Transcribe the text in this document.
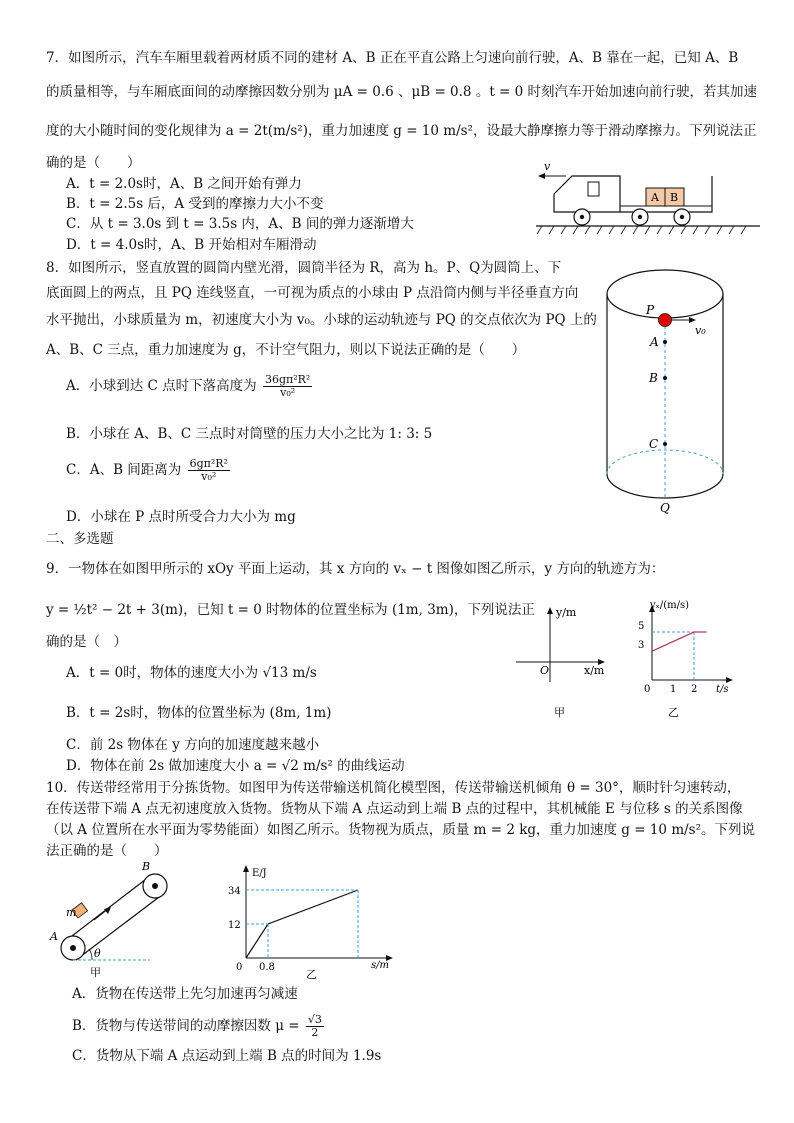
7．如图所示，汽车车厢里载着两材质不同的建材 A、B 正在平直公路上匀速向前行驶，A、B 靠在一起，已知 A、B
的质量相等，与车厢底面间的动摩擦因数分别为 μA = 0.6 、μB = 0.8 。t = 0 时刻汽车开始加速向前行驶，若其加速
度的大小随时间的变化规律为 a = 2t(m/s²)，重力加速度 g = 10 m/s²，设最大静摩擦力等于滑动摩擦力。下列说法正
确的是（　　）
A．t = 2.0s时，A、B 之间开始有弹力
B．t = 2.5s 后，A 受到的摩擦力大小不变
C．从 t = 3.0s 到 t = 3.5s 内，A、B 间的弹力逐渐增大
D．t = 4.0s时，A、B 开始相对车厢滑动
v
A B
8．如图所示，竖直放置的圆筒内壁光滑，圆筒半径为 R，高为 h。P、Q为圆筒上、下
底面圆上的两点，且 PQ 连线竖直，一可视为质点的小球由 P 点沿筒内侧与半径垂直方向
水平抛出，小球质量为 m，初速度大小为 v₀。小球的运动轨迹与 PQ 的交点依次为 PQ 上的
A、B、C 三点，重力加速度为 g，不计空气阻力，则以下说法正确的是（　　）
A．小球到达 C 点时下落高度为 $\frac{\text{36gπ²R²}}{\text{v₀²}}$
B．小球在 A、B、C 三点时对筒壁的压力大小之比为 1: 3: 5
C．A、B 间距离为 $\frac{\text{6gπ²R²}}{\text{v₀²}}$
D．小球在 P 点时所受合力大小为 mg
P
A
B
C
Q
v₀
二、多选题
9．一物体在如图甲所示的 xOy 平面上运动，其 x 方向的 vₓ − t 图像如图乙所示，y 方向的轨迹方为：
y = ½t² − 2t + 3(m)，已知 t = 0 时物体的位置坐标为 (1m, 3m)，下列说法正
确的是（　）
A．t = 0时，物体的速度大小为 √13 m/s
B．t = 2s时，物体的位置坐标为 (8m, 1m)
C．前 2s 物体在 y 方向的加速度越来越小
D．物体在前 2s 做加速度大小 a = √2 m/s² 的曲线运动
y/m
x/m
O
甲
vₓ/(m/s)
t/s
5
3
0 1 2
乙
10．传送带经常用于分拣货物。如图甲为传送带输送机简化模型图，传送带输送机倾角 θ = 30°，顺时针匀速转动，
在传送带下端 A 点无初速度放入货物。货物从下端 A 点运动到上端 B 点的过程中，其机械能 E 与位移 s 的关系图像
（以 A 位置所在水平面为零势能面）如图乙所示。货物视为质点，质量 m = 2 kg，重力加速度 g = 10 m/s²。下列说
法正确的是（　　）
B
A
m
θ
甲
E/J
s/m
34
12
0 0.8
乙
A．货物在传送带上先匀加速再匀减速
B．货物与传送带间的动摩擦因数 $\mu = \frac{√3}{2}$
C．货物从下端 A 点运动到上端 B 点的时间为 1.9s
